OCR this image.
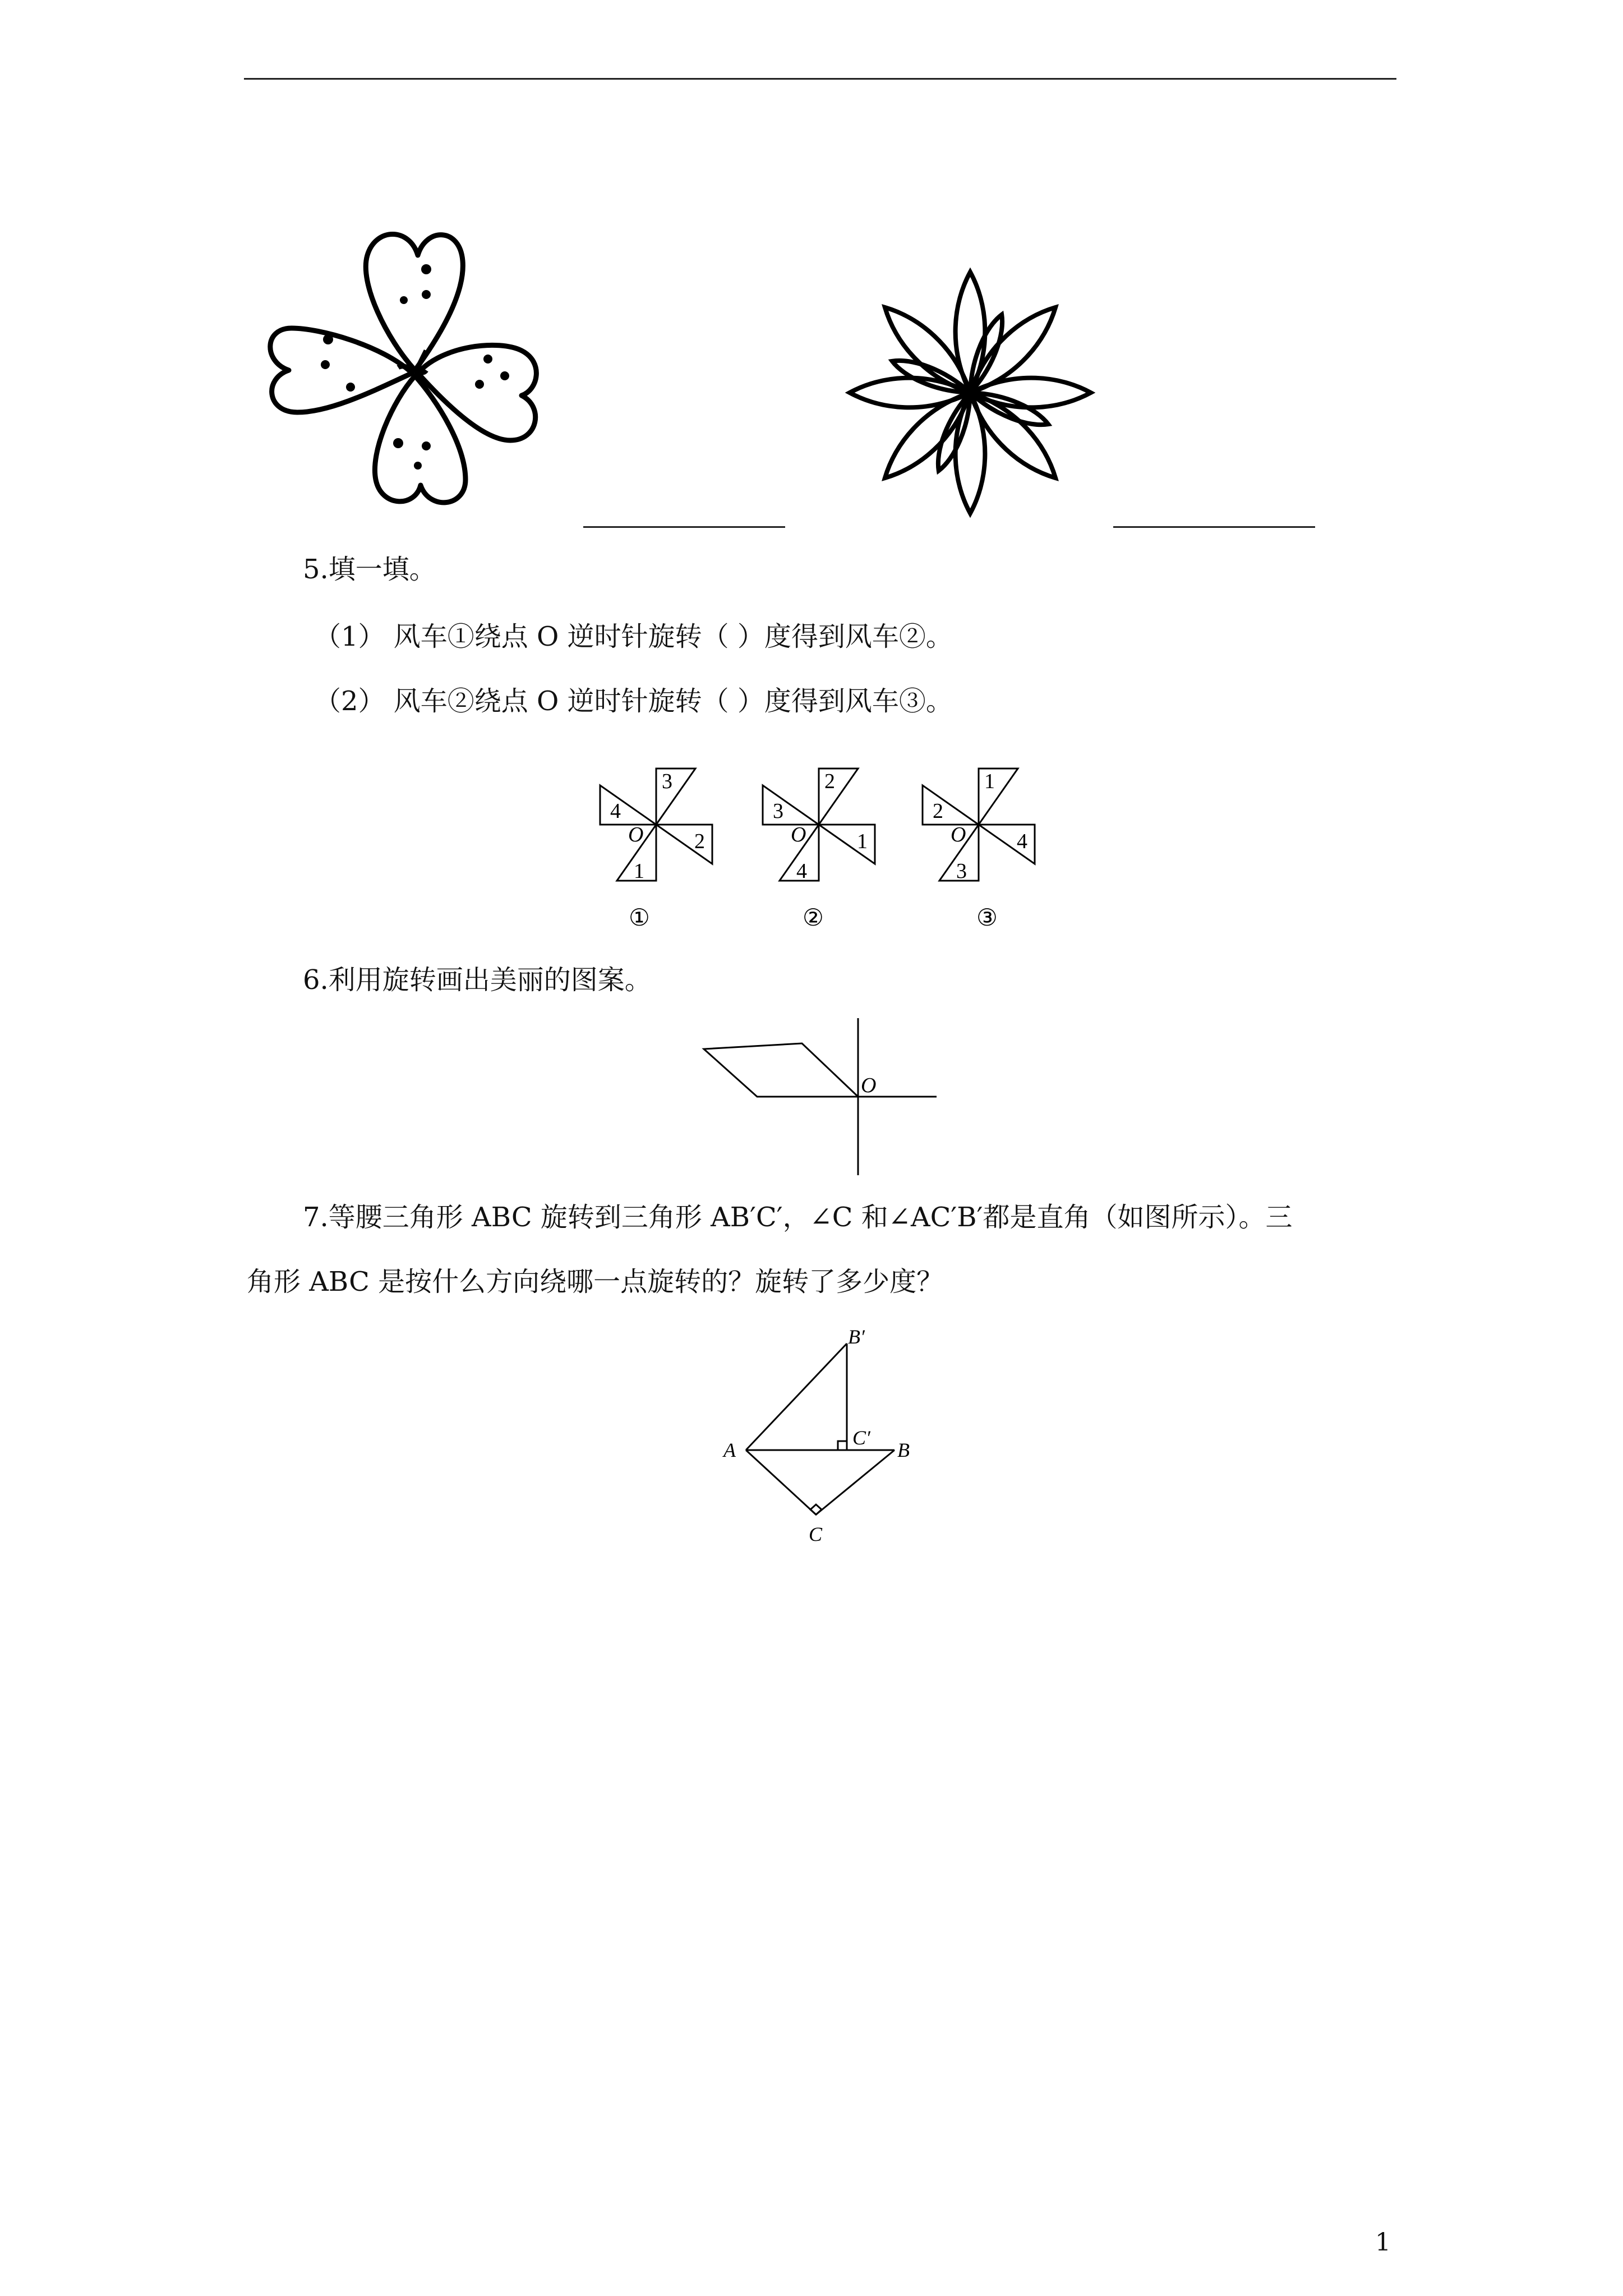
5.填一填。
（1） 风车①绕点 O 逆时针旋转（ ）度得到风车②。
（2） 风车②绕点 O 逆时针旋转（ ）度得到风车③。
3
4
2
1
O
2
3
1
4
O
1
2
4
3
O
①	②	③
6.利用旋转画出美丽的图案。
O
7.等腰三角形 ABC 旋转到三角形 AB′C′，∠C 和∠AC′B′都是直角（如图所示）。三
角形 ABC 是按什么方向绕哪一点旋转的？旋转了多少度？
B′
C′
A	B
C
1
